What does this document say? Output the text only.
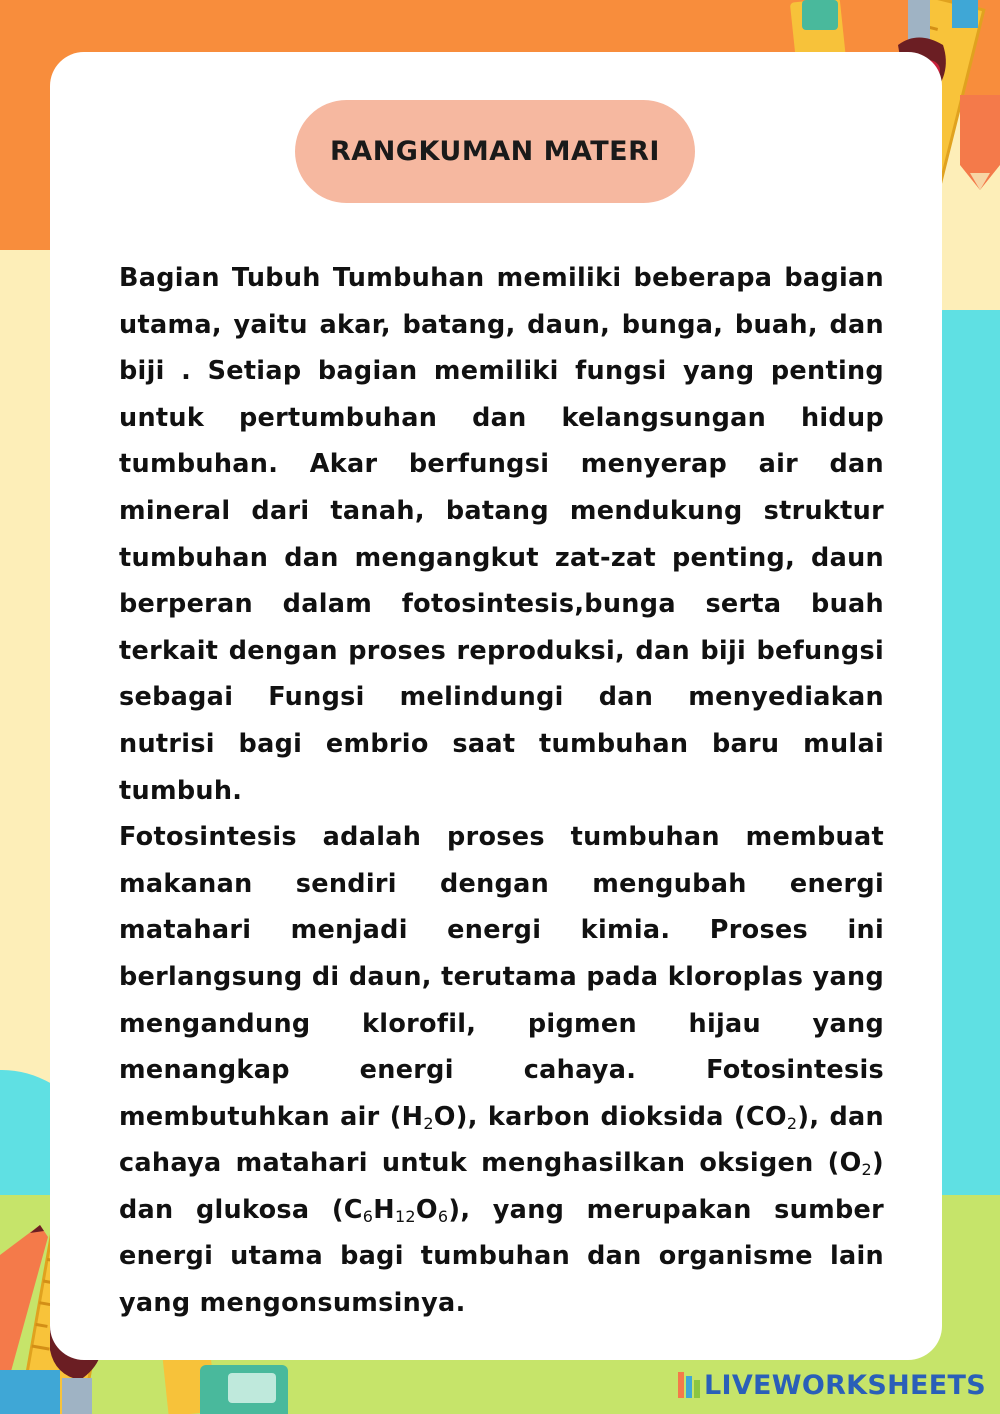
RANGKUMAN MATERI

Bagian Tubuh Tumbuhan memiliki beberapa bagian utama, yaitu akar, batang, daun, bunga, buah, dan biji . Setiap bagian memiliki fungsi yang penting untuk pertumbuhan dan kelangsungan hidup tumbuhan. Akar berfungsi menyerap air dan mineral dari tanah, batang mendukung struktur tumbuhan dan mengangkut zat-zat penting, daun berperan dalam fotosintesis,bunga serta buah terkait dengan proses reproduksi, dan biji befungsi sebagai Fungsi melindungi dan menyediakan nutrisi bagi embrio saat tumbuhan baru mulai tumbuh.

Fotosintesis adalah proses tumbuhan membuat makanan sendiri dengan mengubah energi matahari menjadi energi kimia. Proses ini berlangsung di daun, terutama pada kloroplas yang mengandung klorofil, pigmen hijau yang menangkap energi cahaya. Fotosintesis membutuhkan air $(H_2O)$, karbon dioksida $(CO_2)$, dan cahaya matahari untuk menghasilkan oksigen $(O_2)$ dan glukosa $(C_6H_{12}O_6)$, yang merupakan sumber energi utama bagi tumbuhan dan organisme lain yang mengonsumsinya.

LIVEWORKSHEETS
